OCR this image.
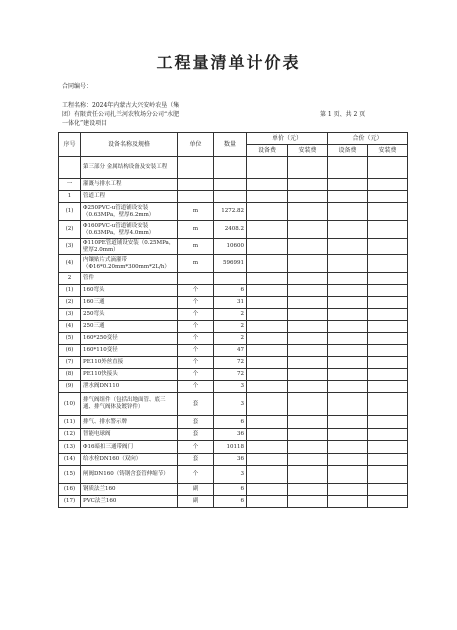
工程量清单计价表
合同编号：
工程名称：2024年内蒙古大兴安岭农垦（集
团）有限责任公司扎兰河农牧场分公司“水肥
一体化”建设项目
第 1 页、共 2 页
序号	设备名称及规格	单位	数量	单价（元）		合价（元）	
				设备费	安装费	设备费	安装费
	第三部分 金属结构设备及安装工程						
一	灌溉与排水工程						
1	管道工程						
(1)	Φ250PVC-u管道铺设安装（0.63MPa，壁厚6.2mm）	m	1272.82				
(2)	Φ160PVC-u管道铺设安装（0.63MPa，壁厚4.0mm）	m	2408.2				
(3)	Φ110PE管道铺设安装（0.25MPa，壁厚2.0mm）	m	10600				
(4)	内镶贴片式滴灌带（Φ16*0.20mm*300mm*2L/h）	m	596991				
2	管件						
(1)	160弯头	个	6				
(2)	160三通	个	31				
(3)	250弯头	个	2				
(4)	250三通	个	2				
(5)	160*250变径	个	2				
(6)	160*110变径	个	47				
(7)	PE110外丝直接	个	72				
(8)	PE110快接头	个	72				
(9)	泄水阀DN110	个	3				
(10)	排气阀组件（包括出地面管、底三通、排气阀体及镀锌件）	套	3				
(11)	排气、排水警示牌	套	6				
(12)	智能电球阀	套	36				
(13)	Φ16暗扣三通带阀门	个	10118				
(14)	给水栓DN160（双向）	套	36				
(15)	闸阀DN160（铸钢含套管伸缩节）	个	3				
(16)	钢质法兰160	副	6				
(17)	PVC法兰160	副	6				
